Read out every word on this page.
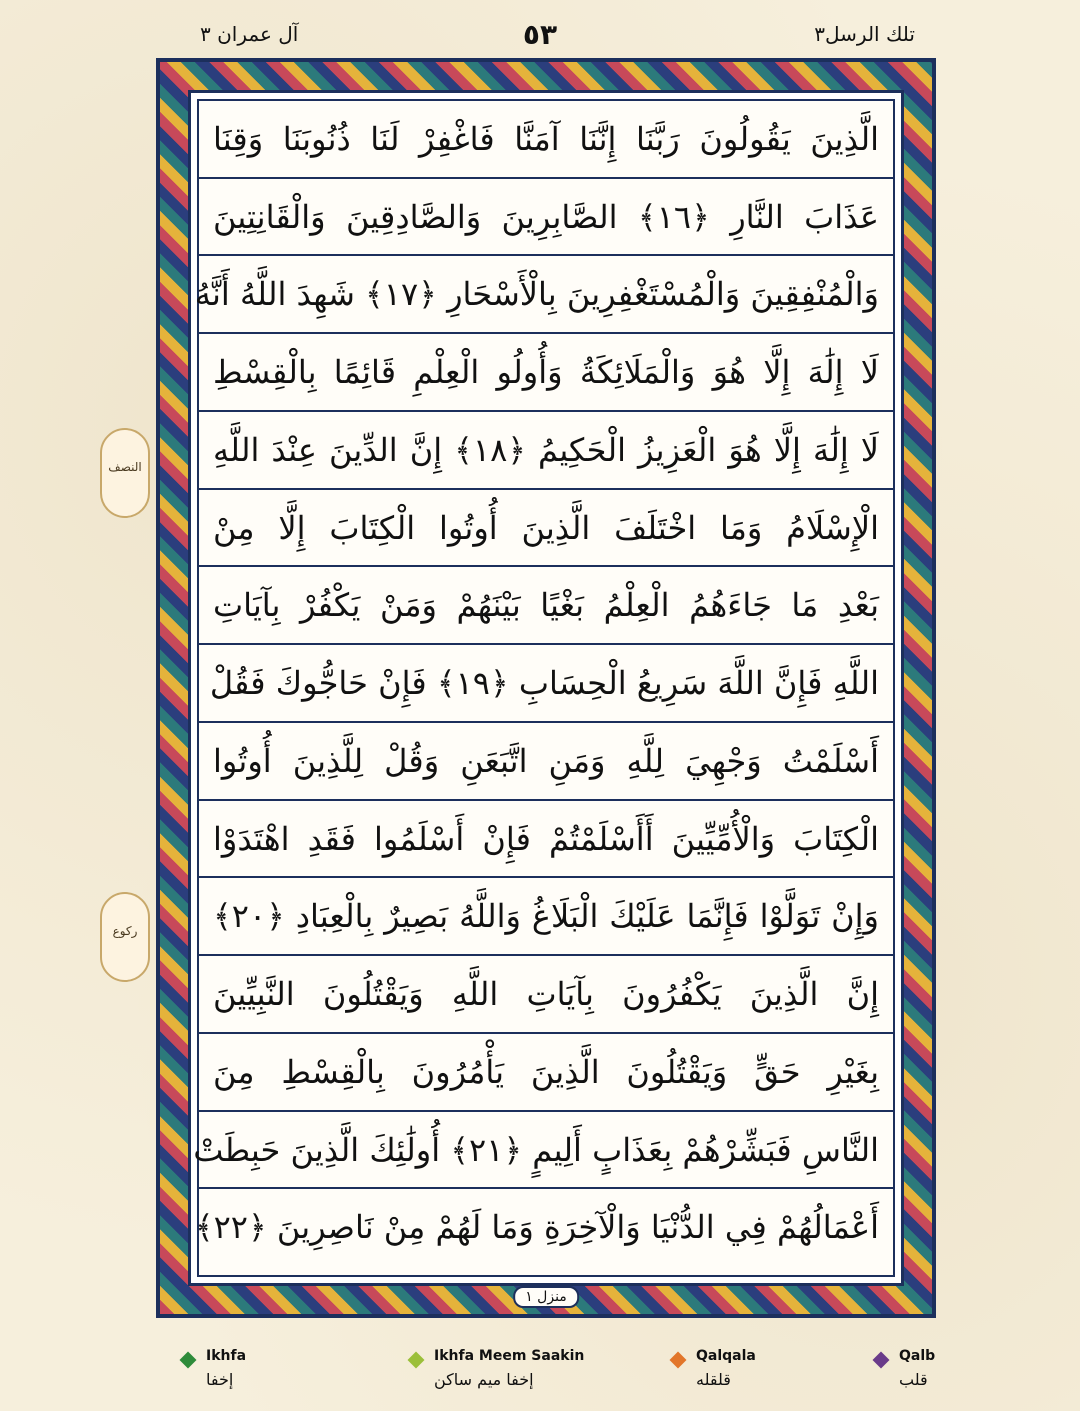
تلك الرسل٣
٥٣
آل عمران ٣
الَّذِينَ يَقُولُونَ رَبَّنَا إِنَّنَا آمَنَّا فَاغْفِرْ لَنَا ذُنُوبَنَا وَقِنَا
عَذَابَ النَّارِ ﴿١٦﴾ الصَّابِرِينَ وَالصَّادِقِينَ وَالْقَانِتِينَ
وَالْمُنْفِقِينَ وَالْمُسْتَغْفِرِينَ بِالْأَسْحَارِ ﴿١٧﴾ شَهِدَ اللَّهُ أَنَّهُ
لَا إِلَٰهَ إِلَّا هُوَ وَالْمَلَائِكَةُ وَأُولُو الْعِلْمِ قَائِمًا بِالْقِسْطِ
لَا إِلَٰهَ إِلَّا هُوَ الْعَزِيزُ الْحَكِيمُ ﴿١٨﴾ إِنَّ الدِّينَ عِنْدَ اللَّهِ
الْإِسْلَامُ وَمَا اخْتَلَفَ الَّذِينَ أُوتُوا الْكِتَابَ إِلَّا مِنْ
بَعْدِ مَا جَاءَهُمُ الْعِلْمُ بَغْيًا بَيْنَهُمْ وَمَنْ يَكْفُرْ بِآيَاتِ
اللَّهِ فَإِنَّ اللَّهَ سَرِيعُ الْحِسَابِ ﴿١٩﴾ فَإِنْ حَاجُّوكَ فَقُلْ
أَسْلَمْتُ وَجْهِيَ لِلَّهِ وَمَنِ اتَّبَعَنِ وَقُلْ لِلَّذِينَ أُوتُوا
الْكِتَابَ وَالْأُمِّيِّينَ أَأَسْلَمْتُمْ فَإِنْ أَسْلَمُوا فَقَدِ اهْتَدَوْا
وَإِنْ تَوَلَّوْا فَإِنَّمَا عَلَيْكَ الْبَلَاغُ وَاللَّهُ بَصِيرٌ بِالْعِبَادِ ﴿٢٠﴾
إِنَّ الَّذِينَ يَكْفُرُونَ بِآيَاتِ اللَّهِ وَيَقْتُلُونَ النَّبِيِّينَ
بِغَيْرِ حَقٍّ وَيَقْتُلُونَ الَّذِينَ يَأْمُرُونَ بِالْقِسْطِ مِنَ
النَّاسِ فَبَشِّرْهُمْ بِعَذَابٍ أَلِيمٍ ﴿٢١﴾ أُولَٰئِكَ الَّذِينَ حَبِطَتْ
أَعْمَالُهُمْ فِي الدُّنْيَا وَالْآخِرَةِ وَمَا لَهُمْ مِنْ نَاصِرِينَ ﴿٢٢﴾
منزل ١
النصف
ركوع
Ikhfa
إخفا
Ikhfa Meem Saakin
إخفا ميم ساكن
Qalqala
قلقله
Qalb
قلب
